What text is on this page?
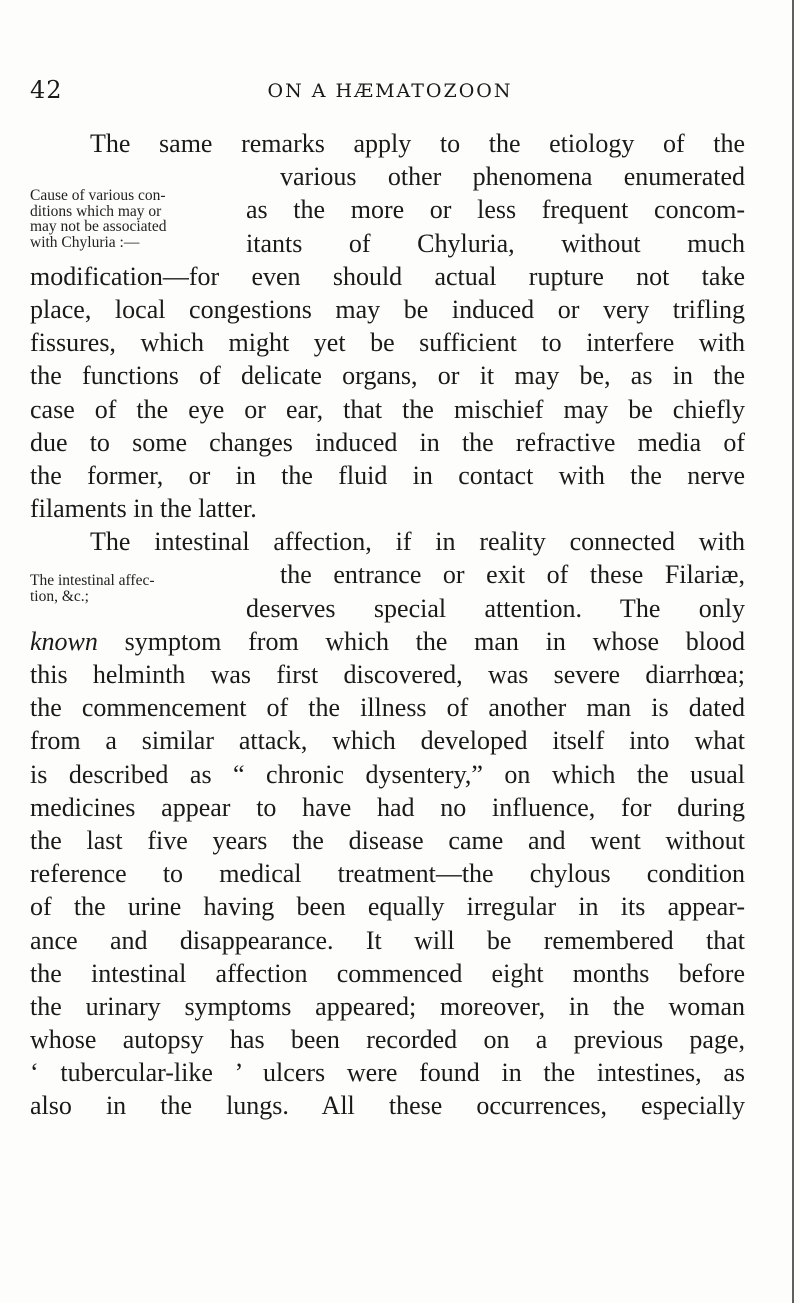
42	ON A HÆMATOZOON
Cause of various con-
ditions which may or
may not be associated
with Chyluria :—
The intestinal affec-
tion, &c.;
The same remarks apply to the etiology of the
various other phenomena enumerated
as the more or less frequent concom-
itants of Chyluria, without much
modification—for even should actual rupture not take
place, local congestions may be induced or very trifling
fissures, which might yet be sufficient to interfere with
the functions of delicate organs, or it may be, as in the
case of the eye or ear, that the mischief may be chiefly
due to some changes induced in the refractive media of
the former, or in the fluid in contact with the nerve
filaments in the latter.
The intestinal affection, if in reality connected with
the entrance or exit of these Filariæ,
deserves special attention. The only
known symptom from which the man in whose blood
this helminth was first discovered, was severe diarrhœa;
the commencement of the illness of another man is dated
from a similar attack, which developed itself into what
is described as “ chronic dysentery,” on which the usual
medicines appear to have had no influence, for during
the last five years the disease came and went without
reference to medical treatment—the chylous condition
of the urine having been equally irregular in its appear-
ance and disappearance. It will be remembered that
the intestinal affection commenced eight months before
the urinary symptoms appeared; moreover, in the woman
whose autopsy has been recorded on a previous page,
‘ tubercular-like ’ ulcers were found in the intestines, as
also in the lungs. All these occurrences, especially
